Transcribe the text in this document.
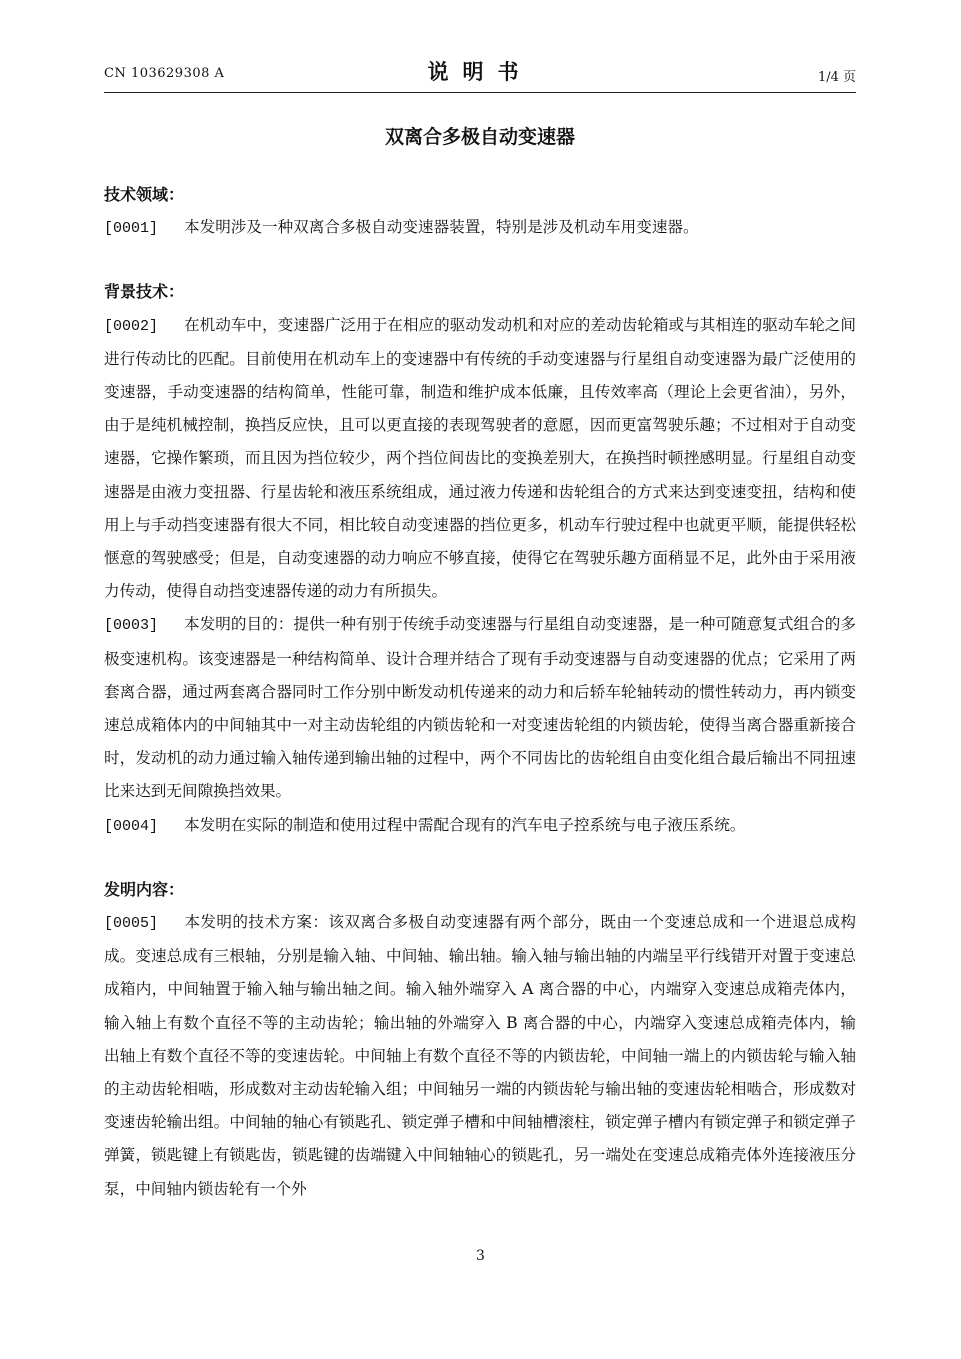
CN 103629308 A	说明书	1/4 页
双离合多极自动变速器
技术领域：

[0001] 本发明涉及一种双离合多极自动变速器装置，特别是涉及机动车用变速器。

背景技术：

[0002] 在机动车中，变速器广泛用于在相应的驱动发动机和对应的差动齿轮箱或与其相连的驱动车轮之间进行传动比的匹配。目前使用在机动车上的变速器中有传统的手动变速器与行星组自动变速器为最广泛使用的变速器，手动变速器的结构简单，性能可靠，制造和维护成本低廉，且传效率高（理论上会更省油），另外，由于是纯机械控制，换挡反应快，且可以更直接的表现驾驶者的意愿，因而更富驾驶乐趣；不过相对于自动变速器，它操作繁琐，而且因为挡位较少，两个挡位间齿比的变换差别大，在换挡时顿挫感明显。行星组自动变速器是由液力变扭器、行星齿轮和液压系统组成，通过液力传递和齿轮组合的方式来达到变速变扭，结构和使用上与手动挡变速器有很大不同，相比较自动变速器的挡位更多，机动车行驶过程中也就更平顺，能提供轻松惬意的驾驶感受；但是，自动变速器的动力响应不够直接，使得它在驾驶乐趣方面稍显不足，此外由于采用液力传动，使得自动挡变速器传递的动力有所损失。

[0003] 本发明的目的：提供一种有别于传统手动变速器与行星组自动变速器，是一种可随意复式组合的多极变速机构。该变速器是一种结构简单、设计合理并结合了现有手动变速器与自动变速器的优点；它采用了两套离合器，通过两套离合器同时工作分别中断发动机传递来的动力和后轿车轮轴转动的惯性转动力，再内锁变速总成箱体内的中间轴其中一对主动齿轮组的内锁齿轮和一对变速齿轮组的内锁齿轮，使得当离合器重新接合时，发动机的动力通过输入轴传递到输出轴的过程中，两个不同齿比的齿轮组自由变化组合最后输出不同扭速比来达到无间隙换挡效果。

[0004] 本发明在实际的制造和使用过程中需配合现有的汽车电子控系统与电子液压系统。

发明内容：

[0005] 本发明的技术方案：该双离合多极自动变速器有两个部分，既由一个变速总成和一个进退总成构成。变速总成有三根轴，分别是输入轴、中间轴、输出轴。输入轴与输出轴的内端呈平行线错开对置于变速总成箱内，中间轴置于输入轴与输出轴之间。输入轴外端穿入 A 离合器的中心，内端穿入变速总成箱壳体内，输入轴上有数个直径不等的主动齿轮；输出轴的外端穿入 B 离合器的中心，内端穿入变速总成箱壳体内，输出轴上有数个直径不等的变速齿轮。中间轴上有数个直径不等的内锁齿轮，中间轴一端上的内锁齿轮与输入轴的主动齿轮相啮，形成数对主动齿轮输入组；中间轴另一端的内锁齿轮与输出轴的变速齿轮相啮合，形成数对变速齿轮输出组。中间轴的轴心有锁匙孔、锁定弹子槽和中间轴槽滚柱，锁定弹子槽内有锁定弹子和锁定弹子弹簧，锁匙键上有锁匙齿，锁匙键的齿端键入中间轴轴心的锁匙孔，另一端处在变速总成箱壳体外连接液压分泵，中间轴内锁齿轮有一个外

3
